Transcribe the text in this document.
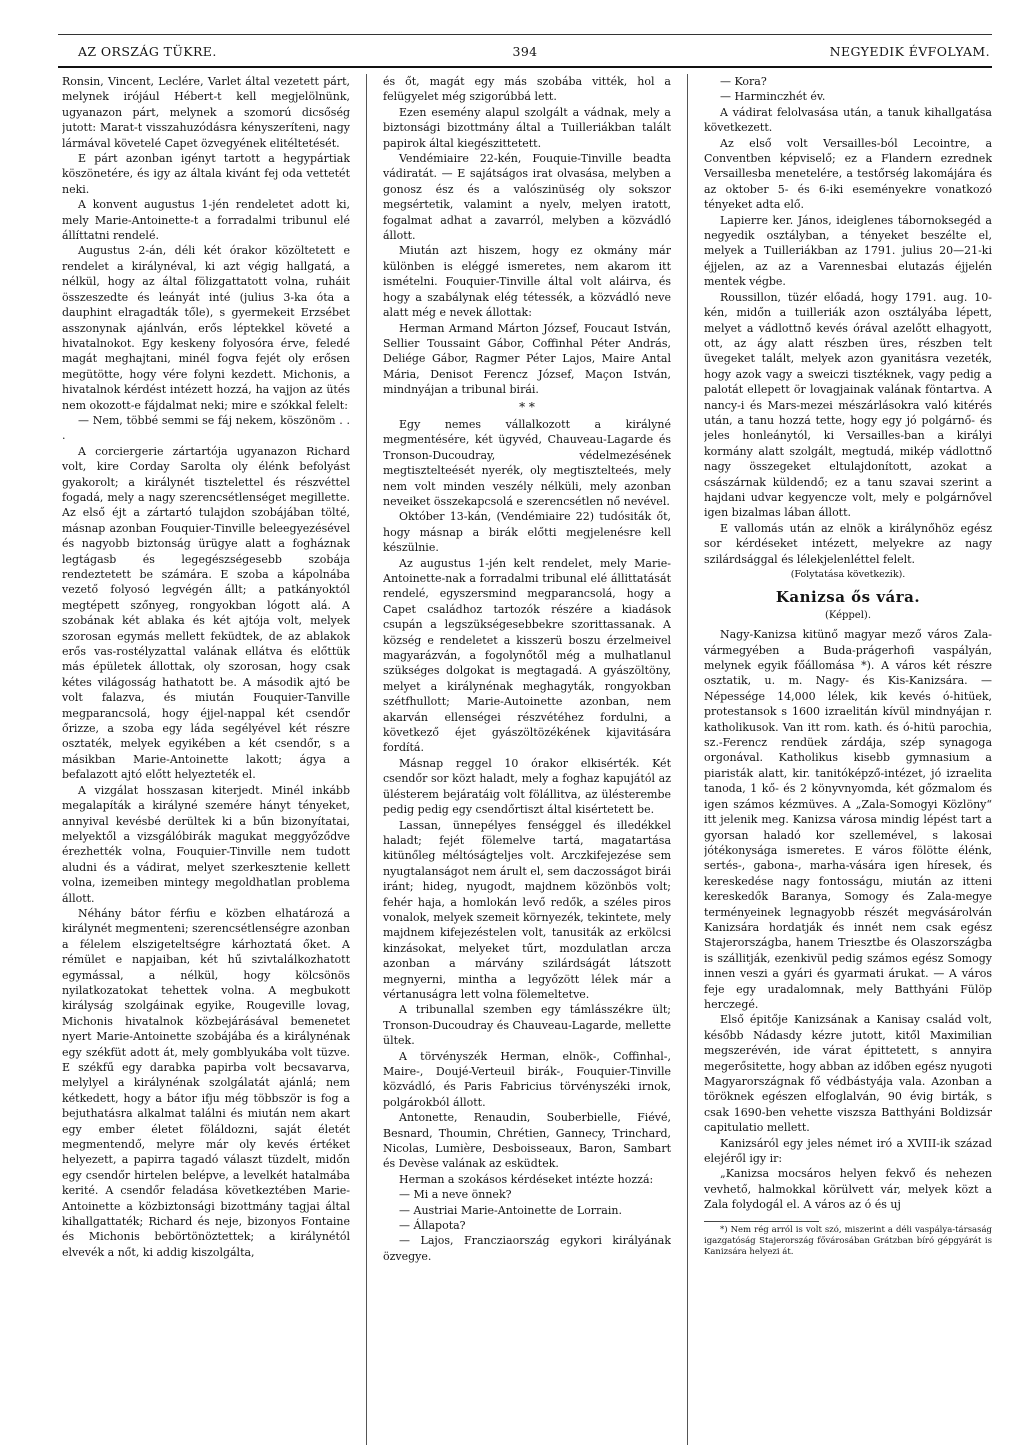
AZ ORSZÁG TÜKRE.	394	NEGYEDIK ÉVFOLYAM.

Ronsin, Vincent, Leclére, Varlet által vezetett párt, melynek irójául Hébert-t kell megjelölnünk, ugyanazon párt, melynek a szomorú dicsőség jutott: Marat-t visszahuzódásra kényszeríteni, nagy lármával követelé Capet özvegyének elitéltetését.

E párt azonban igényt tartott a hegypártiak köszönetére, és igy az általa kivánt fej oda vettetét neki.

A konvent augustus 1-jén rendeletet adott ki, mely Marie-Antoinette-t a forradalmi tribunul elé állíttatni rendelé.

Augustus 2-án, déli két órakor közöltetett e rendelet a királynéval, ki azt végig hallgatá, a nélkül, hogy az által fölizgattatott volna, ruháit összeszedte és leányát inté (julius 3-ka óta a dauphint elragadták tőle), s gyermekeit Erzsébet asszonynak ajánlván, erős léptekkel követé a hivatalnokot. Egy keskeny folyosóra érve, feledé magát meghajtani, minél fogva fejét oly erősen megütötte, hogy vére folyni kezdett. Michonis, a hivatalnok kérdést intézett hozzá, ha vajjon az ütés nem okozott-e fájdalmat neki; mire e szókkal felelt:

— Nem, többé semmi se fáj nekem, köszönöm . . .

A corciergerie zártartója ugyanazon Richard volt, kire Corday Sarolta oly élénk befolyást gyakorolt; a királynét tisztelettel és részvéttel fogadá, mely a nagy szerencsétlenséget megillette. Az első éjt a zártartó tulajdon szobájában tölté, másnap azonban Fouquier-Tinville beleegyezésével és nagyobb biztonság ürügye alatt a fogháznak legtágasb és legegészségesebb szobája rendeztetett be számára. E szoba a kápolnába vezető folyosó legvégén állt; a patkányoktól megtépett szőnyeg, rongyokban lógott alá. A szobának két ablaka és két ajtója volt, melyek szorosan egymás mellett feküdtek, de az ablakok erős vas-rostélyzattal valának ellátva és előttük más épületek állottak, oly szorosan, hogy csak kétes világosság hathatott be. A második ajtó be volt falazva, és miután Fouquier-Tanville megparancsolá, hogy éjjel-nappal két csendőr őrizze, a szoba egy láda segélyével két részre osztaték, melyek egyikében a két csendőr, s a másikban Marie-Antoinette lakott; ágya a befalazott ajtó előtt helyezteték el.

A vizgálat hosszasan kiterjedt. Minél inkább megalapíták a királyné szemére hányt tényeket, annyival kevésbé derültek ki a bűn bizonyítatai, melyektől a vizsgálóbirák magukat meggyőződve érezhették volna, Fouquier-Tinville nem tudott aludni és a vádirat, melyet szerkesztenie kellett volna, izemeiben mintegy megoldhatlan problema állott.

Néhány bátor férfiu e közben elhatározá a királynét megmenteni; szerencsétlenségre azonban a félelem elszigeteltségre kárhoztatá őket. A rémület e napjaiban, két hű szivtalálkozhatott egymással, a nélkül, hogy kölcsönös nyilatkozatokat tehettek volna. A megbukott királyság szolgáinak egyike, Rougeville lovag, Michonis hivatalnok közbejárásával bemenetet nyert Marie-Antoinette szobájába és a királynénak egy székfüt adott át, mely gomblyukába volt tüzve. E székfű egy darabka papirba volt becsavarva, melylyel a királynénak szolgálatát ajánlá; nem kétkedett, hogy a bátor ifju még többször is fog a bejuthatásra alkalmat találni és miután nem akart egy ember életet föláldozni, saját életét megmentendő, melyre már oly kevés értéket helyezett, a papirra tagadó választ tüzdelt, midőn egy csendőr hirtelen belépve, a levelkét hatalmába kerité. A csendőr feladása következtében Marie-Antoinette a közbiztonsági bizottmány tagjai által kihallgattaték; Richard és neje, bizonyos Fontaine és Michonis bebörtönöztettek; a királynétól elvevék a nőt, ki addig kiszolgálta,

és őt, magát egy más szobába vitték, hol a felügyelet még szigorúbbá lett.

Ezen esemény alapul szolgált a vádnak, mely a biztonsági bizottmány által a Tuilleriákban talált papirok által kiegészittetett.

Vendémiaire 22-kén, Fouquie-Tinville beadta vádiratát. — E sajátságos irat olvasása, melyben a gonosz ész és a valószinüség oly sokszor megsértetik, valamint a nyelv, melyen iratott, fogalmat adhat a zavarról, melyben a közvádló állott.

Miután azt hiszem, hogy ez okmány már különben is eléggé ismeretes, nem akarom itt ismételni. Fouquier-Tinville által volt aláirva, és hogy a szabálynak elég tétessék, a közvádló neve alatt még e nevek állottak:

Herman Armand Márton József, Foucaut István, Sellier Toussaint Gábor, Coffinhal Péter András, Deliége Gábor, Ragmer Péter Lajos, Maire Antal Mária, Denisot Ferencz József, Maçon István, mindnyájan a tribunal birái.

* *

Egy nemes vállalkozott a királyné megmentésére, két ügyvéd, Chauveau-Lagarde és Tronson-Ducoudray, védelmezésének megtisztelteését nyerék, oly megtisztelteés, mely nem volt minden veszély nélküli, mely azonban neveiket összekapcsolá e szerencsétlen nő nevével.

Október 13-kán, (Vendémiaire 22) tudósiták őt, hogy másnap a birák előtti megjelenésre kell készülnie.

Az augustus 1-jén kelt rendelet, mely Marie-Antoinette-nak a forradalmi tribunal elé állittatását rendelé, egyszersmind megparancsolá, hogy a Capet családhoz tartozók részére a kiadások csupán a legszükségesebbekre szorittassanak. A község e rendeletet a kisszerü boszu érzelmeivel magyarázván, a fogolynőtől még a mulhatlanul szükséges dolgokat is megtagadá. A gyászöltöny, melyet a királynénak meghagyták, rongyokban szétfhullott; Marie-Autoinette azonban, nem akarván ellenségei részvétéhez fordulni, a következő éjet gyászöltözékének kijavitására fordítá.

Másnap reggel 10 órakor elkisérték. Két csendőr sor közt haladt, mely a foghaz kapujától az ülésterem bejáratáig volt fölállitva, az ülésterembe pedig pedig egy csendőrtiszt által kisértetett be.

Lassan, ünnepélyes fenséggel és illedékkel haladt; fejét fölemelve tartá, magatartása kitünőleg méltóságteljes volt. Arczkifejezése sem nyugtalanságot nem árult el, sem daczosságot birái iránt; hideg, nyugodt, majdnem közönbös volt; fehér haja, a homlokán levő redők, a széles piros vonalok, melyek szemeit környezék, tekintete, mely majdnem kifejezéstelen volt, tanusiták az erkölcsi kinzásokat, melyeket tűrt, mozdulatlan arcza azonban a márvány szilárdságát látszott megnyerni, mintha a legyőzött lélek már a vértanuságra lett volna fölemeltetve.

A tribunallal szemben egy támlásszékre ült; Tronson-Ducoudray és Chauveau-Lagarde, mellette ültek.

A törvényszék Herman, elnök-, Coffinhal-, Maire-, Doujé-Verteuil birák-, Fouquier-Tinville közvádló, és Paris Fabricius törvényszéki irnok, polgárokból állott.

Antonette, Renaudin, Souberbielle, Fiévé, Besnard, Thoumin, Chrétien, Gannecy, Trinchard, Nicolas, Lumière, Desboisseaux, Baron, Sambart és Devèse valának az esküdtek.

Herman a szokásos kérdéseket intézte hozzá:

— Mi a neve önnek?

— Austriai Marie-Antoinette de Lorrain.

— Állapota?

— Lajos, Francziaország egykori királyának özvegye.

— Kora?

— Harminczhét év.

A vádirat felolvasása után, a tanuk kihallgatása következett.

Az első volt Versailles-ból Lecointre, a Conventben képviselő; ez a Flandern ezrednek Versaillesba menetelére, a testőrség lakomájára és az oktober 5- és 6-iki eseményekre vonatkozó tényeket adta elő.

Lapierre ker. János, ideiglenes tábornoksegéd a negyedik osztályban, a tényeket beszélte el, melyek a Tuilleriákban az 1791. julius 20—21-ki éjjelen, az az a Varennesbai elutazás éjjelén mentek végbe.

Roussillon, tüzér előadá, hogy 1791. aug. 10-kén, midőn a tuilleriák azon osztályába lépett, melyet a vádlottnő kevés órával azelőtt elhagyott, ott, az ágy alatt részben üres, részben telt üvegeket talált, melyek azon gyanitásra vezeték, hogy azok vagy a sweiczi tisztéknek, vagy pedig a palotát ellepett ör lovagjainak valának föntartva. A nancy-i és Mars-mezei mészárlásokra való kitérés után, a tanu hozzá tette, hogy egy jó polgárnő- és jeles honleánytól, ki Versailles-ban a királyi kormány alatt szolgált, megtudá, mikép vádlottnő nagy összegeket eltulajdonított, azokat a császárnak küldendő; ez a tanu szavai szerint a hajdani udvar kegyencze volt, mely e polgárnővel igen bizalmas lában állott.

E vallomás után az elnök a királynőhöz egész sor kérdéseket intézett, melyekre az nagy szilárdsággal és lélekjelenléttel felelt.

(Folytatása következik).

Kanizsa ős vára.
(Képpel).

Nagy-Kanizsa kitünő magyar mező város Zala-vármegyében a Buda-prágerhofi vaspályán, melynek egyik főállomása *). A város két részre osztatik, u. m. Nagy- és Kis-Kanizsára. — Népessége 14,000 lélek, kik kevés ó-hitüek, protestansok s 1600 izraelitán kívül mindnyájan r. katholikusok. Van itt rom. kath. és ó-hitü parochia, sz.-Ferencz rendüek zárdája, szép synagoga orgonával. Katholikus kisebb gymnasium a piaristák alatt, kir. tanitóképző-intézet, jó izraelita tanoda, 1 kő- és 2 könyvnyomda, két gőzmalom és igen számos kézmüves. A „Zala-Somogyi Közlöny“ itt jelenik meg. Kanizsa városa mindig lépést tart a gyorsan haladó kor szellemével, s lakosai jótékonysága ismeretes. E város fölötte élénk, sertés-, gabona-, marha-vására igen híresek, és kereskedése nagy fontosságu, miután az itteni kereskedők Baranya, Somogy és Zala-megye terményeinek legnagyobb részét megvásárolván Kanizsára hordatják és innét nem csak egész Stajerországba, hanem Triesztbe és Olaszországba is szállitják, ezenkivül pedig számos egész Somogy innen veszi a gyári és gyarmati árukat. — A város feje egy uradalomnak, mely Batthyáni Fülöp herczegé.

Első épitője Kanizsának a Kanisay család volt, később Nádasdy kézre jutott, kitől Maximilian megszerévén, ide várat épittetett, s annyira megerősitette, hogy abban az időben egész nyugoti Magyarországnak fő védbástyája vala. Azonban a töröknek egészen elfoglalván, 90 évig birták, s csak 1690-ben vehette viszsza Batthyáni Boldizsár capitulatio mellett.

Kanizsáról egy jeles német iró a XVIII-ik század elejéről igy ir:

„Kanizsa mocsáros helyen fekvő és nehezen vevhető, halmokkal körülvett vár, melyek közt a Zala folydogál el. A város az ó és uj

*) Nem rég arról is volt szó, miszerint a déli vaspálya-társaság igazgatóság Stajerország fővárosában Grátzban bíró gépgyárát is Kanizsára helyezi át.
